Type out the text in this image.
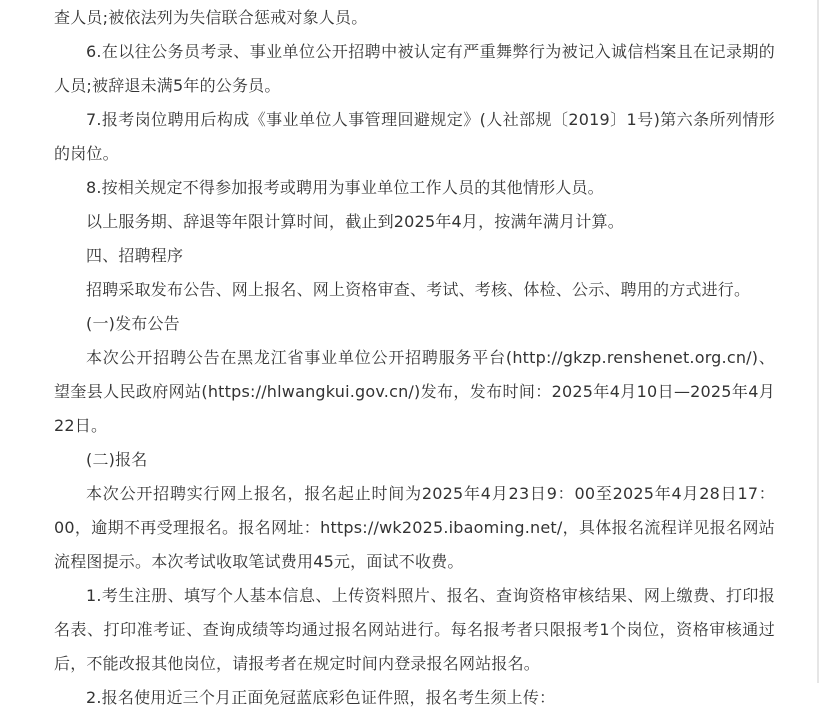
查人员;被依法列为失信联合惩戒对象人员。

6.在以往公务员考录、事业单位公开招聘中被认定有严重舞弊行为被记入诚信档案且在记录期的人员;被辞退未满5年的公务员。

7.报考岗位聘用后构成《事业单位人事管理回避规定》(人社部规〔2019〕1号)第六条所列情形的岗位。

8.按相关规定不得参加报考或聘用为事业单位工作人员的其他情形人员。

以上服务期、辞退等年限计算时间，截止到2025年4月，按满年满月计算。

四、招聘程序

招聘采取发布公告、网上报名、网上资格审查、考试、考核、体检、公示、聘用的方式进行。

(一)发布公告

本次公开招聘公告在黑龙江省事业单位公开招聘服务平台(http://gkzp.renshenet.org.cn/)、望奎县人民政府网站(https://hlwangkui.gov.cn/)发布，发布时间：2025年4月10日—2025年4月22日。

(二)报名

本次公开招聘实行网上报名，报名起止时间为2025年4月23日9：00至2025年4月28日17：00，逾期不再受理报名。报名网址：https://wk2025.ibaoming.net/，具体报名流程详见报名网站流程图提示。本次考试收取笔试费用45元，面试不收费。

1.考生注册、填写个人基本信息、上传资料照片、报名、查询资格审核结果、网上缴费、打印报名表、打印准考证、查询成绩等均通过报名网站进行。每名报考者只限报考1个岗位，资格审核通过后，不能改报其他岗位，请报考者在规定时间内登录报名网站报名。

2.报名使用近三个月正面免冠蓝底彩色证件照，报名考生须上传：
